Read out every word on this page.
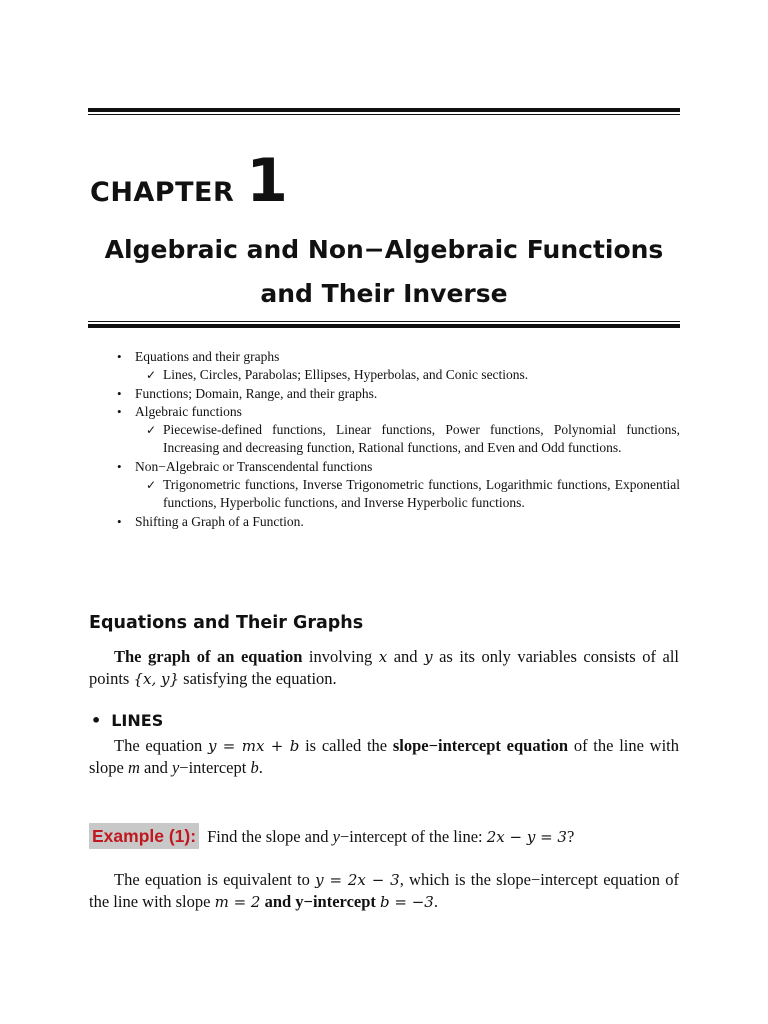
CHAPTER 1
Algebraic and Non−Algebraic Functions
and Their Inverse
• Equations and their graphs
✓ Lines, Circles, Parabolas; Ellipses, Hyperbolas, and Conic sections.
• Functions; Domain, Range, and their graphs.
• Algebraic functions
✓ Piecewise-defined functions, Linear functions, Power functions, Polynomial functions, Increasing and decreasing function, Rational functions, and Even and Odd functions.
• Non−Algebraic or Transcendental functions
✓ Trigonometric functions, Inverse Trigonometric functions, Logarithmic functions, Exponential functions, Hyperbolic functions, and Inverse Hyperbolic functions.
• Shifting a Graph of a Function.
Equations and Their Graphs
The graph of an equation involving x and y as its only variables consists of all points {x, y} satisfying the equation.
• LINES
The equation y = mx + b is called the slope−intercept equation of the line with slope m and y−intercept b.
Example (1): Find the slope and y−intercept of the line: 2x − y = 3?
The equation is equivalent to y = 2x − 3, which is the slope−intercept equation of the line with slope m = 2 and y−intercept b = −3.
